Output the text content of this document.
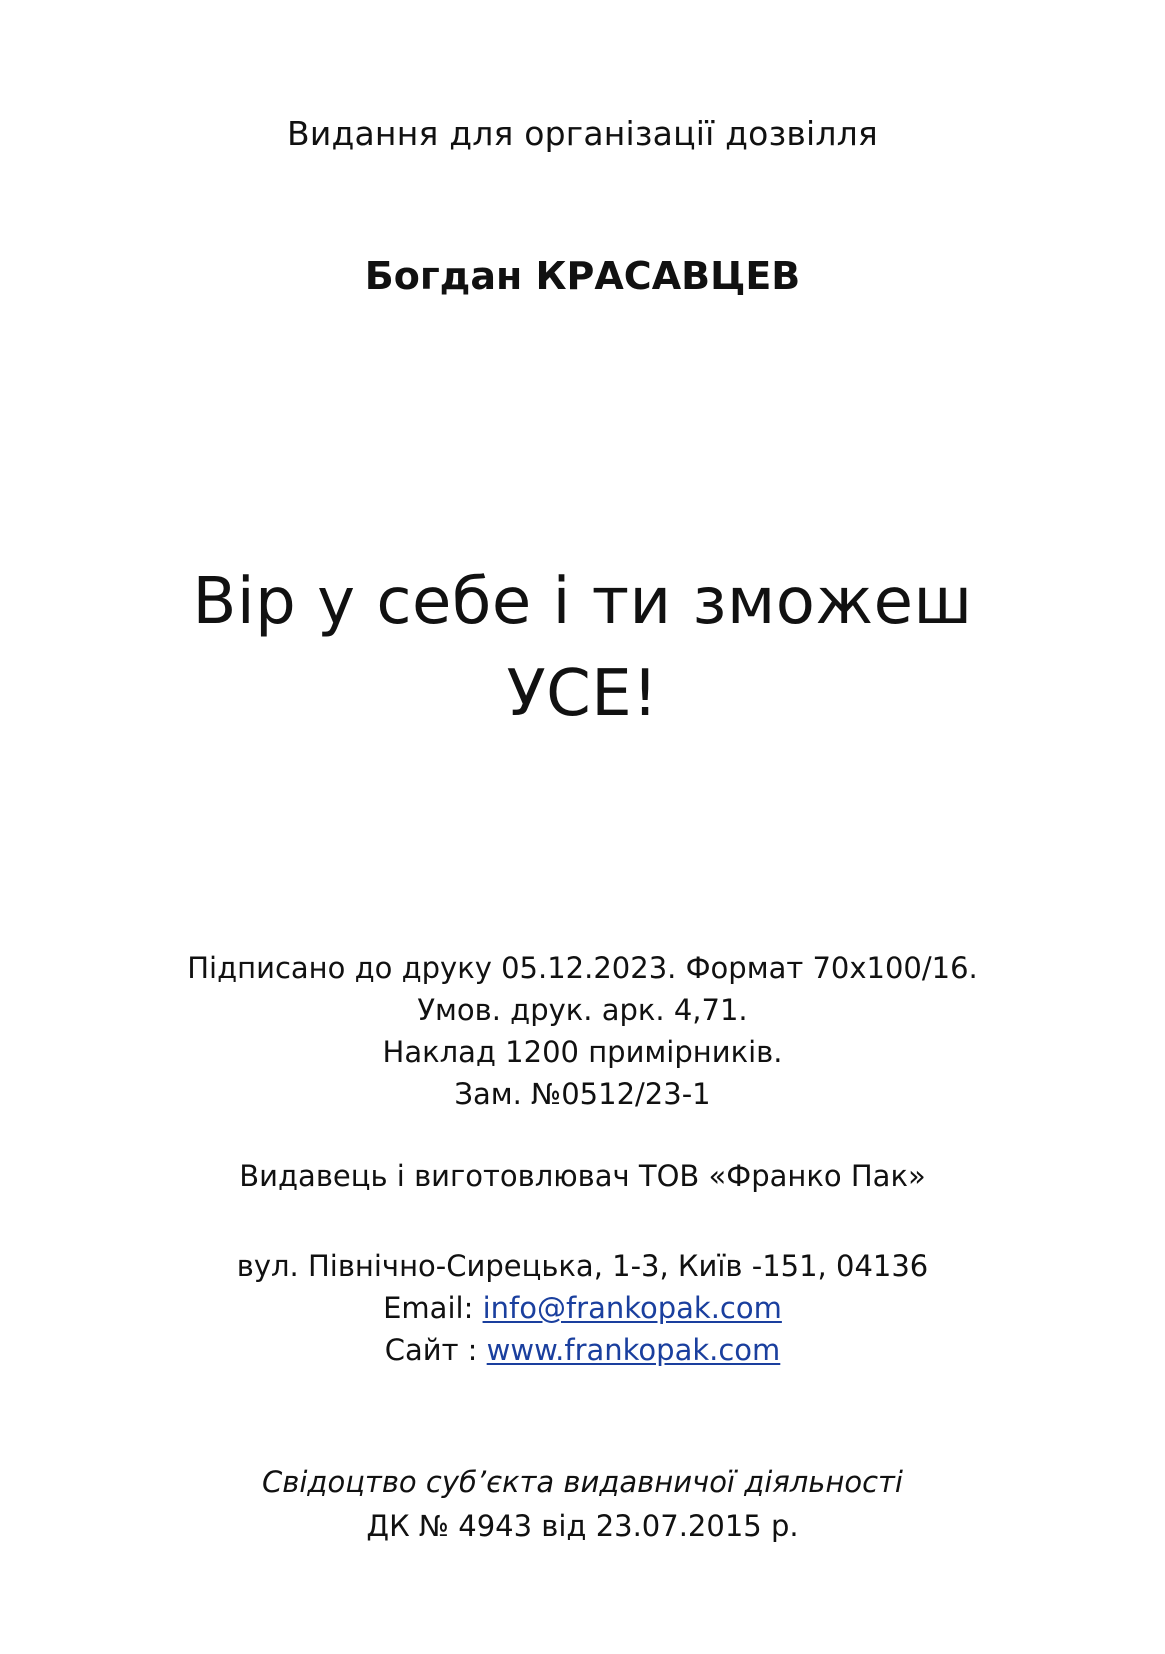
Видання для організації дозвілля
Богдан КРАСАВЦЕВ
Вір у себе і ти зможеш
УСЕ!
Підписано до друку 05.12.2023. Формат 70х100/16.
Умов. друк. арк. 4,71.
Наклад 1200 примірників.
Зам. №0512/23-1
Видавець і виготовлювач ТОВ «Франко Пак»
вул. Північно-Сирецька, 1-3, Київ -151, 04136
Email: info@frankopak.com
Сайт : www.frankopak.com
Свідоцтво суб’єкта видавничої діяльності
ДК № 4943 від 23.07.2015 р.
